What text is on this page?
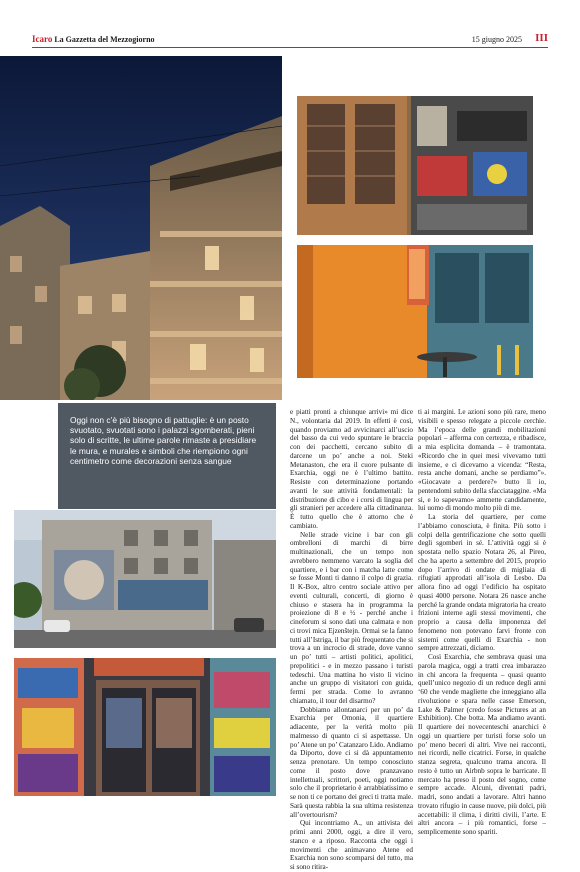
Icaro La Gazzetta del Mezzogiorno	15 giugno 2025 III
Oggi non c’è più bisogno di pattuglie: è un posto svuotato, svuotati sono i palazzi sgomberati, pieni solo di scritte, le ultime parole rimaste a presidiare le mura, e murales e simboli che riempiono ogni centimetro come decorazioni senza sangue

e piatti pronti a chiunque arrivi» mi dice N., volontaria dal 2019. In effetti è così, quando proviamo ad avvicinarci all’uscio del basso da cui vedo spuntare le braccia con dei pacchetti, cercano subito di darcene un po’ anche a noi. Steki Metanaston, che era il cuore pulsante di Exarchia, oggi ne è l’ultimo battito. Resiste con determinazione portando avanti le sue attività fondamentali: la distribuzione di cibo e i corsi di lingua per gli stranieri per accedere alla cittadinanza. È tutto quello che è attorno che è cambiato.

Nelle strade vicine i bar con gli ombrelloni di marchi di birre multinazionali, che un tempo non avrebbero nemmeno varcato la soglia del quartiere, e i bar con i matcha latte come se fosse Monti ti danno il colpo di grazia. Il K-Box, altro centro sociale attivo per eventi culturali, concerti, di giorno è chiuso e stasera ha in programma la proiezione di 8 e ½ - perché anche i cineforum si sono dati una calmata e non ci trovi mica Ejzenštejn. Ormai se la fanno tutti all’Istriga, il bar più frequentato che si trova a un incrocio di strade, dove vanno un po’ tutti – artisti politici, apolitici, prepolitici - e in mezzo passano i turisti tedeschi. Una mattina ho visto lì vicino anche un gruppo di visitatori con guida, fermi per strada. Come lo avranno chiamato, il tour del disarmo?

Dobbiamo allontanarci per un po’ da Exarchia per Omonia, il quartiere adiacente, per la verità molto più malmesso di quanto ci si aspettasse. Un po’ Atene un po’ Catanzaro Lido. Andiamo da Diporto, dove ci si dà appuntamento senza prenotare. Un tempo conosciuto come il posto dove pranzavano intellettuali, scrittori, poeti, oggi notiamo solo che il proprietario è arrabbiatissimo e se non ti ce portano dei greci ti tratta male. Sarà questa rabbia la sua ultima resistenza all’overtourism?

Qui incontriamo A., un attivista dei primi anni 2000, oggi, a dire il vero, stanco e a riposo. Racconta che oggi i movimenti che animavano Atene ed Exarchia non sono scomparsi del tutto, ma si sono ritira-

ti ai margini. Le azioni sono più rare, meno visibili e spesso relegate a piccole cerchie. Ma l’epoca delle grandi mobilitazioni popolari – afferma con certezza, e ribadisce, a mia esplicita domanda – è tramontata. «Ricordo che in quei mesi vivevamo tutti insieme, e ci dicevamo a vicenda: “Resta, resta anche domani, anche se perdiamo”». «Giocavate a perdere?» butto lì io, pentendomi subito della sfacciataggine. «Ma sì, e lo sapevamo» ammette candidamente, lui uomo di mondo molto più di me.

La storia del quartiere, per come l’abbiamo conosciuta, è finita. Più sotto i colpi della gentrificazione che sotto quelli degli sgomberi in sé. L’attività oggi si è spostata nello spazio Notara 26, al Pireo, che ha aperto a settembre del 2015, proprio dopo l’arrivo di ondate di migliaia di rifugiati approdati all’isola di Lesbo. Da allora fino ad oggi l’edificio ha ospitato quasi 4000 persone. Notara 26 nasce anche perché la grande ondata migratoria ha creato frizioni interne agli stessi movimenti, che proprio a causa della imponenza del fenomeno non potevano farvi fronte con sistemi come quelli di Exarchia - non sempre attrezzati, diciamo.

Così Exarchia, che sembrava quasi una parola magica, oggi a tratti crea imbarazzo in chi ancora la frequenta – quasi quanto quell’unico negozio di un reduce degli anni ‘60 che vende magliette che inneggiano alla rivoluzione e spara nelle casse Emerson, Lake & Palmer (credo fosse Pictures at an Exhibition). Che botta. Ma andiamo avanti. Il quartiere dei novecenteschi anarchici è oggi un quartiere per turisti forse solo un po’ meno beceri di altri. Vive nei racconti, nei ricordi, nelle cicatrici. Forse, in qualche stanza segreta, qualcuno trama ancora. Il resto è tutto un Airbnb sopra le barricate. Il mercato ha preso il posto del sogno, come sempre accade. Alcuni, diventati padri, madri, sono andati a lavorare. Altri hanno trovato rifugio in cause nuove, più dolci, più accettabili: il clima, i diritti civili, l’arte. E altri ancora – i più romantici, forse – semplicemente sono spariti.
